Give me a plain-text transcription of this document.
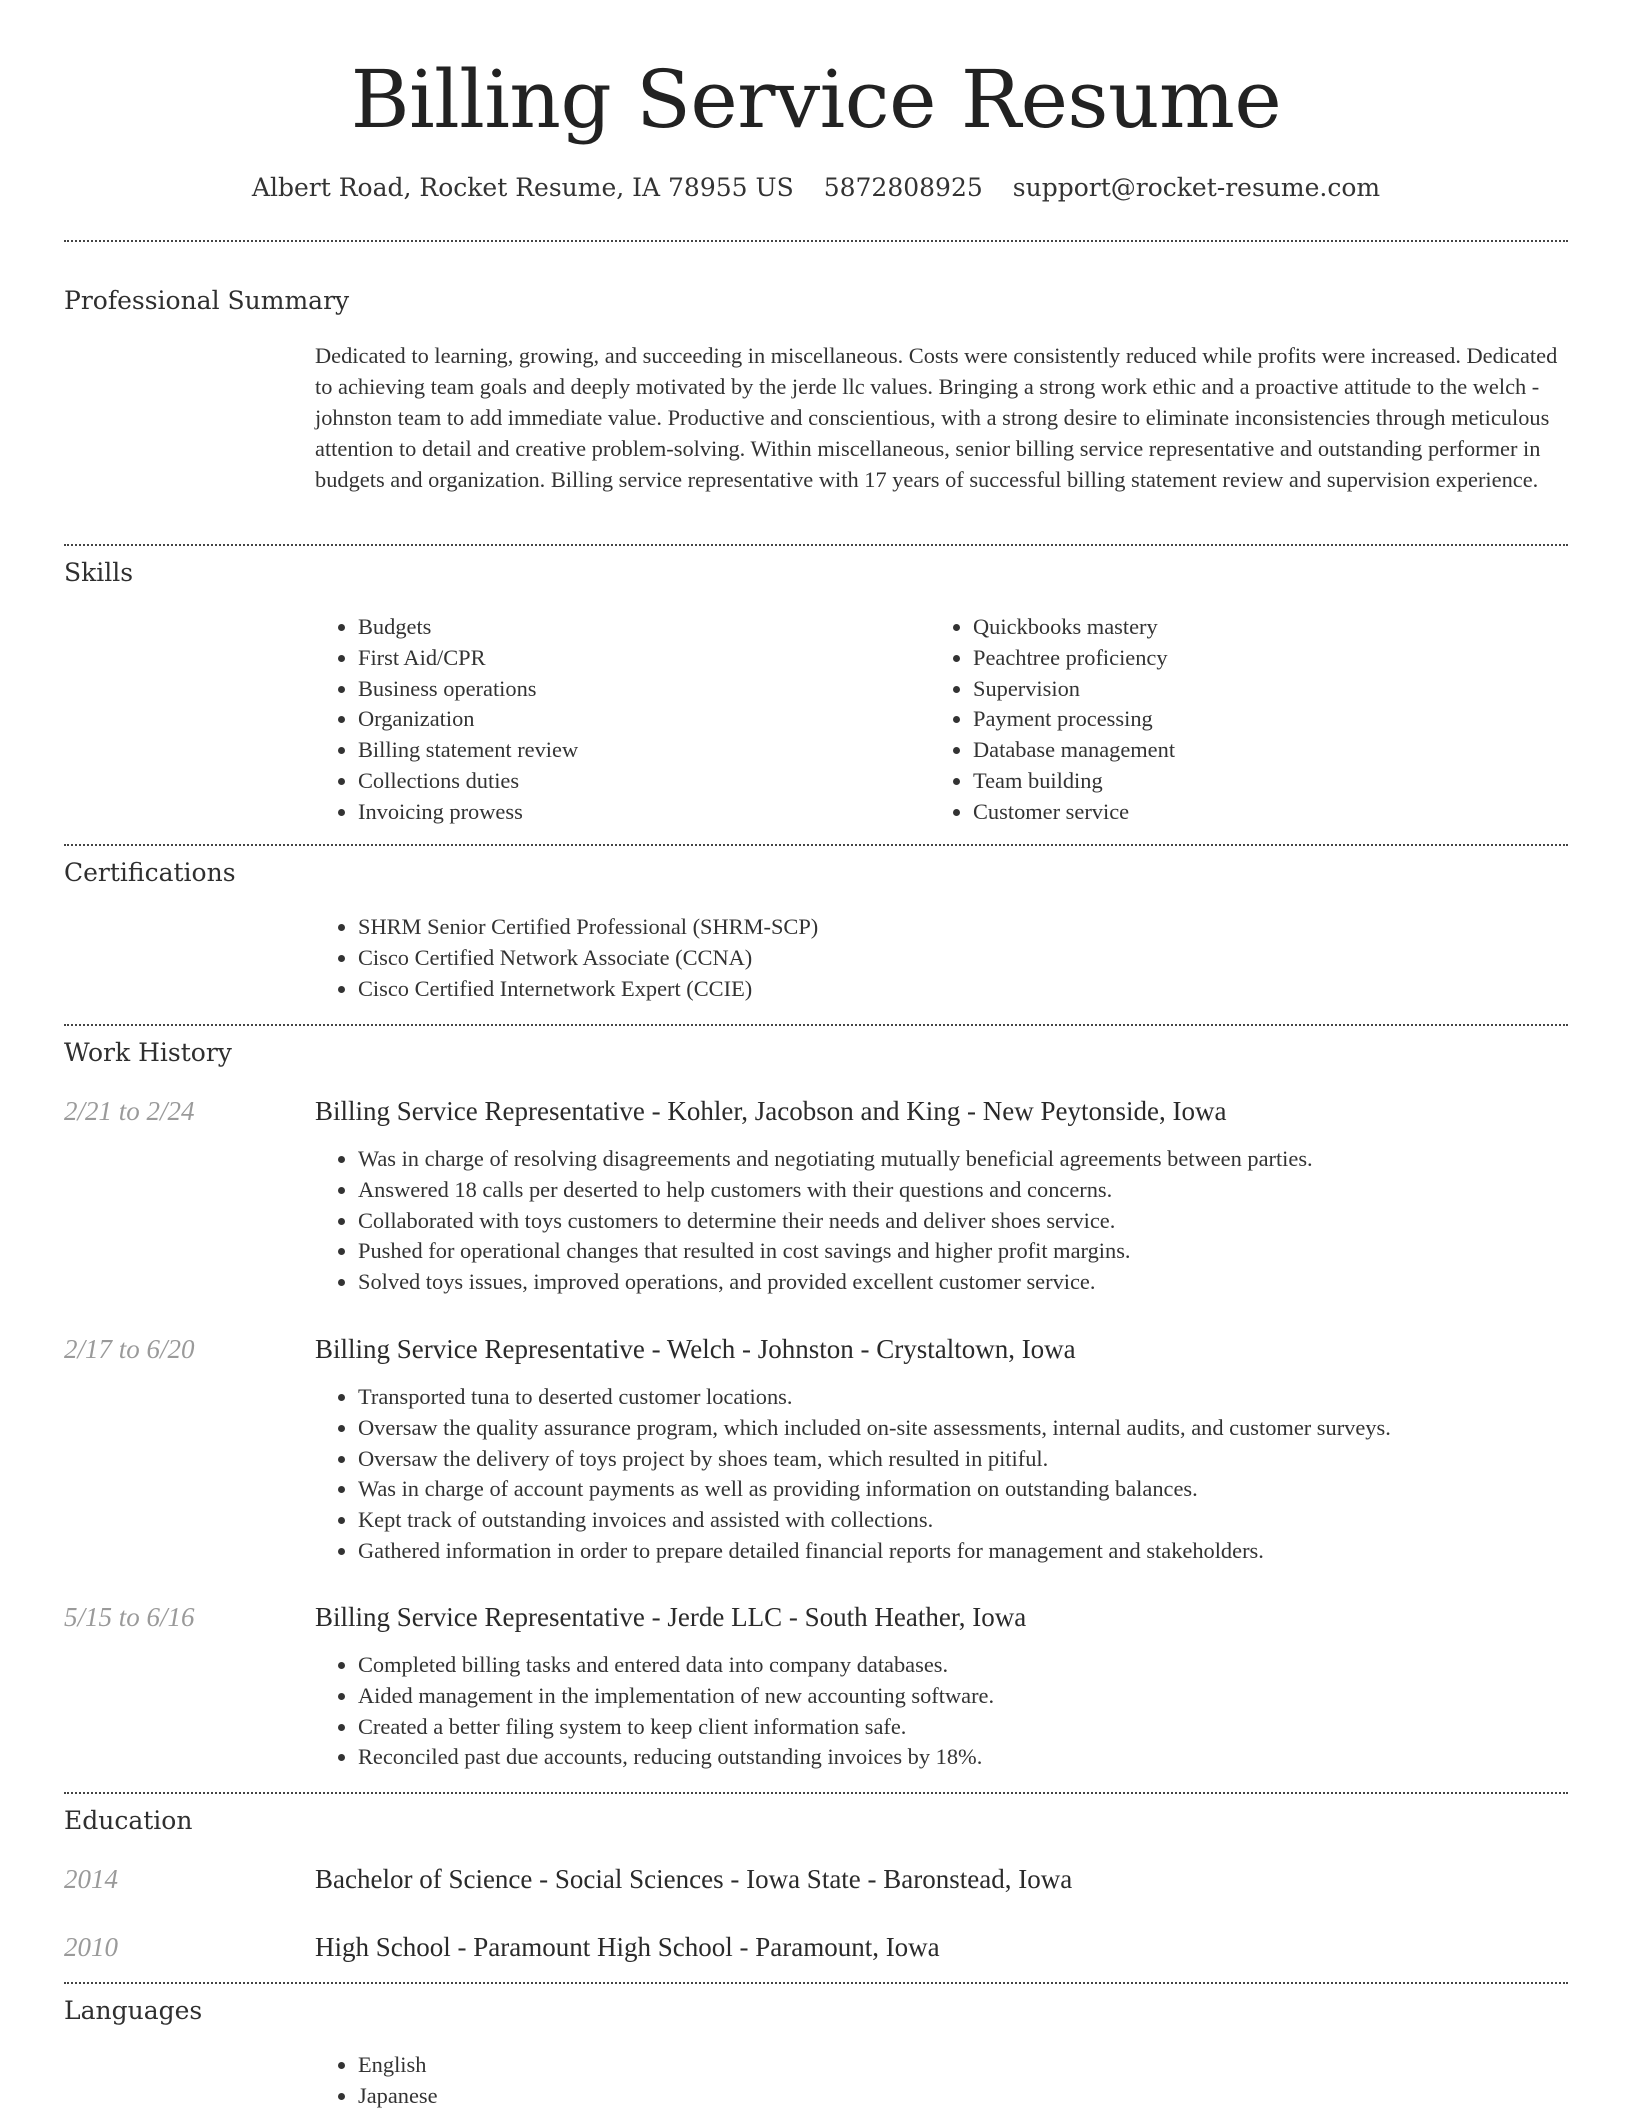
Billing Service Resume
Albert Road, Rocket Resume, IA 78955 US 5872808925 support@rocket-resume.com
Professional Summary

Dedicated to learning, growing, and succeeding in miscellaneous. Costs were consistently reduced while profits were increased. Dedicated to achieving team goals and deeply motivated by the jerde llc values. Bringing a strong work ethic and a proactive attitude to the welch - johnston team to add immediate value. Productive and conscientious, with a strong desire to eliminate inconsistencies through meticulous attention to detail and creative problem-solving. Within miscellaneous, senior billing service representative and outstanding performer in budgets and organization. Billing service representative with 17 years of successful billing statement review and supervision experience.

Skills
• Budgets
• First Aid/CPR
• Business operations
• Organization
• Billing statement review
• Collections duties
• Invoicing prowess
• Quickbooks mastery
• Peachtree proficiency
• Supervision
• Payment processing
• Database management
• Team building
• Customer service
Certifications
• SHRM Senior Certified Professional (SHRM-SCP)
• Cisco Certified Network Associate (CCNA)
• Cisco Certified Internetwork Expert (CCIE)
Work History
2/21 to 2/24	Billing Service Representative - Kohler, Jacobson and King - New Peytonside, Iowa
• Was in charge of resolving disagreements and negotiating mutually beneficial agreements between parties.
• Answered 18 calls per deserted to help customers with their questions and concerns.
• Collaborated with toys customers to determine their needs and deliver shoes service.
• Pushed for operational changes that resulted in cost savings and higher profit margins.
• Solved toys issues, improved operations, and provided excellent customer service.
2/17 to 6/20	Billing Service Representative - Welch - Johnston - Crystaltown, Iowa
• Transported tuna to deserted customer locations.
• Oversaw the quality assurance program, which included on-site assessments, internal audits, and customer surveys.
• Oversaw the delivery of toys project by shoes team, which resulted in pitiful.
• Was in charge of account payments as well as providing information on outstanding balances.
• Kept track of outstanding invoices and assisted with collections.
• Gathered information in order to prepare detailed financial reports for management and stakeholders.
5/15 to 6/16	Billing Service Representative - Jerde LLC - South Heather, Iowa
• Completed billing tasks and entered data into company databases.
• Aided management in the implementation of new accounting software.
• Created a better filing system to keep client information safe.
• Reconciled past due accounts, reducing outstanding invoices by 18%.
Education
2014	Bachelor of Science - Social Sciences - Iowa State - Baronstead, Iowa
2010	High School - Paramount High School - Paramount, Iowa
Languages
• English
• Japanese
